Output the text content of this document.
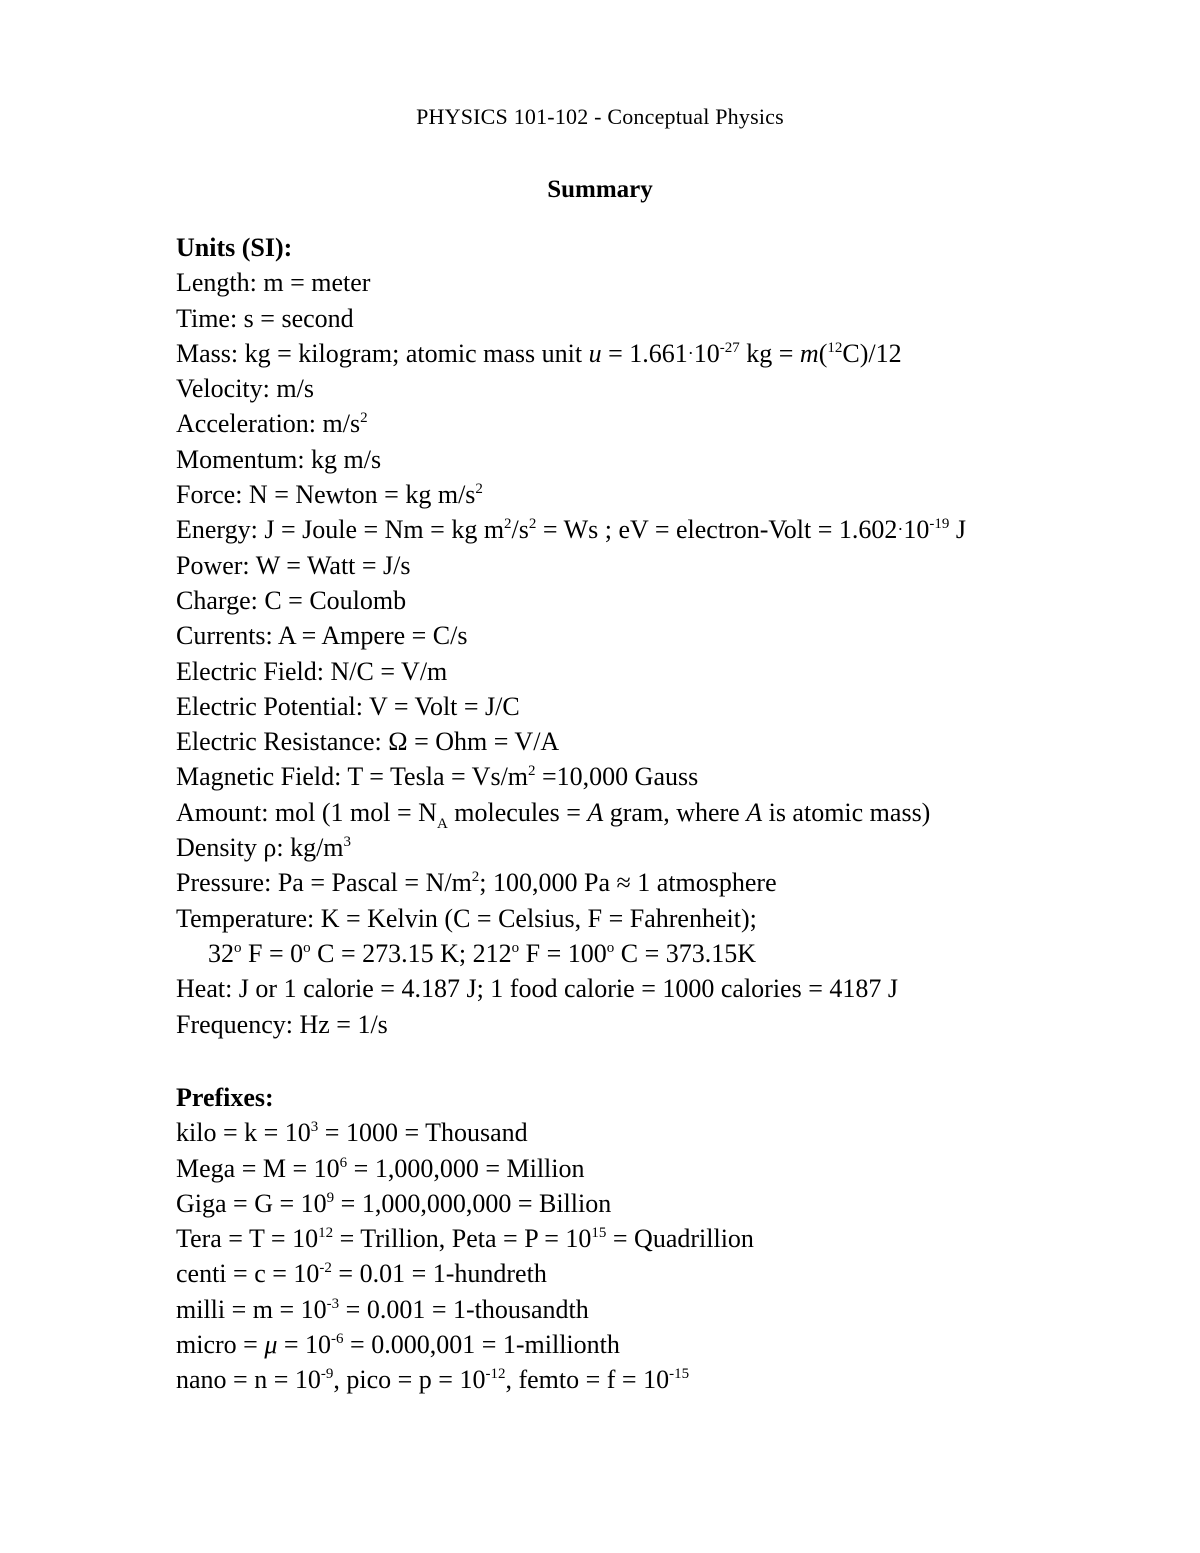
PHYSICS 101-102 - Conceptual Physics
Summary
Units (SI):
Length: m = meter
Time: s = second
Mass: kg = kilogram; atomic mass unit $u = 1.661\cdot 10^{-27}$ kg = m($^{12}$C)/12
Velocity: m/s
Acceleration: $m/s^2$
Momentum: kg m/s
Force: N = Newton = kg $m/s^2$
Energy: J = Joule = Nm = kg $m^2/s^2 = Ws$ ; eV = electron-Volt = $1.602\cdot 10^{-19}$ J
Power: W = Watt = J/s
Charge: C = Coulomb
Currents: A = Ampere = C/s
Electric Field: N/C = V/m
Electric Potential: V = Volt = J/C
Electric Resistance: Ω = Ohm = V/A
Magnetic Field: T = Tesla = $Vs/m^2 =10,000$ Gauss
Amount: mol (1 mol = $N_A$ molecules = A gram, where A is atomic mass)
Density ρ: $kg/m^3$
Pressure: Pa = Pascal = $N/m^2$; 100,000 Pa ≈ 1 atmosphere
Temperature: K = Kelvin (C = Celsius, F = Fahrenheit);
32$^o$ $F = 0^o$ C = 273.15 K; 212$^o$ $F = 100^o$ C = 373.15K
Heat: J or 1 calorie = 4.187 J; 1 food calorie = 1000 calories = 4187 J
Frequency: Hz = 1/s
Prefixes:
kilo = $k = 10^3 = 1000$ = Thousand
Mega = $M = 10^6 = 1,000,000$ = Million
Giga = $G = 10^9 = 1,000,000,000$ = Billion
Tera = $T = 10^{12}$ = Trillion, Peta = $P = 10^{15}$ = Quadrillion
centi = $c = 10^{-2} = 0.01$ = 1-hundreth
milli = $m = 10^{-3} = 0.001$ = 1-thousandth
micro = $\mu = 10^{-6} = 0.000,001$ = 1-millionth
nano = $n = 10^{-9}$, pico = $p = 10^{-12}$, femto = $f = 10^{-15}$
